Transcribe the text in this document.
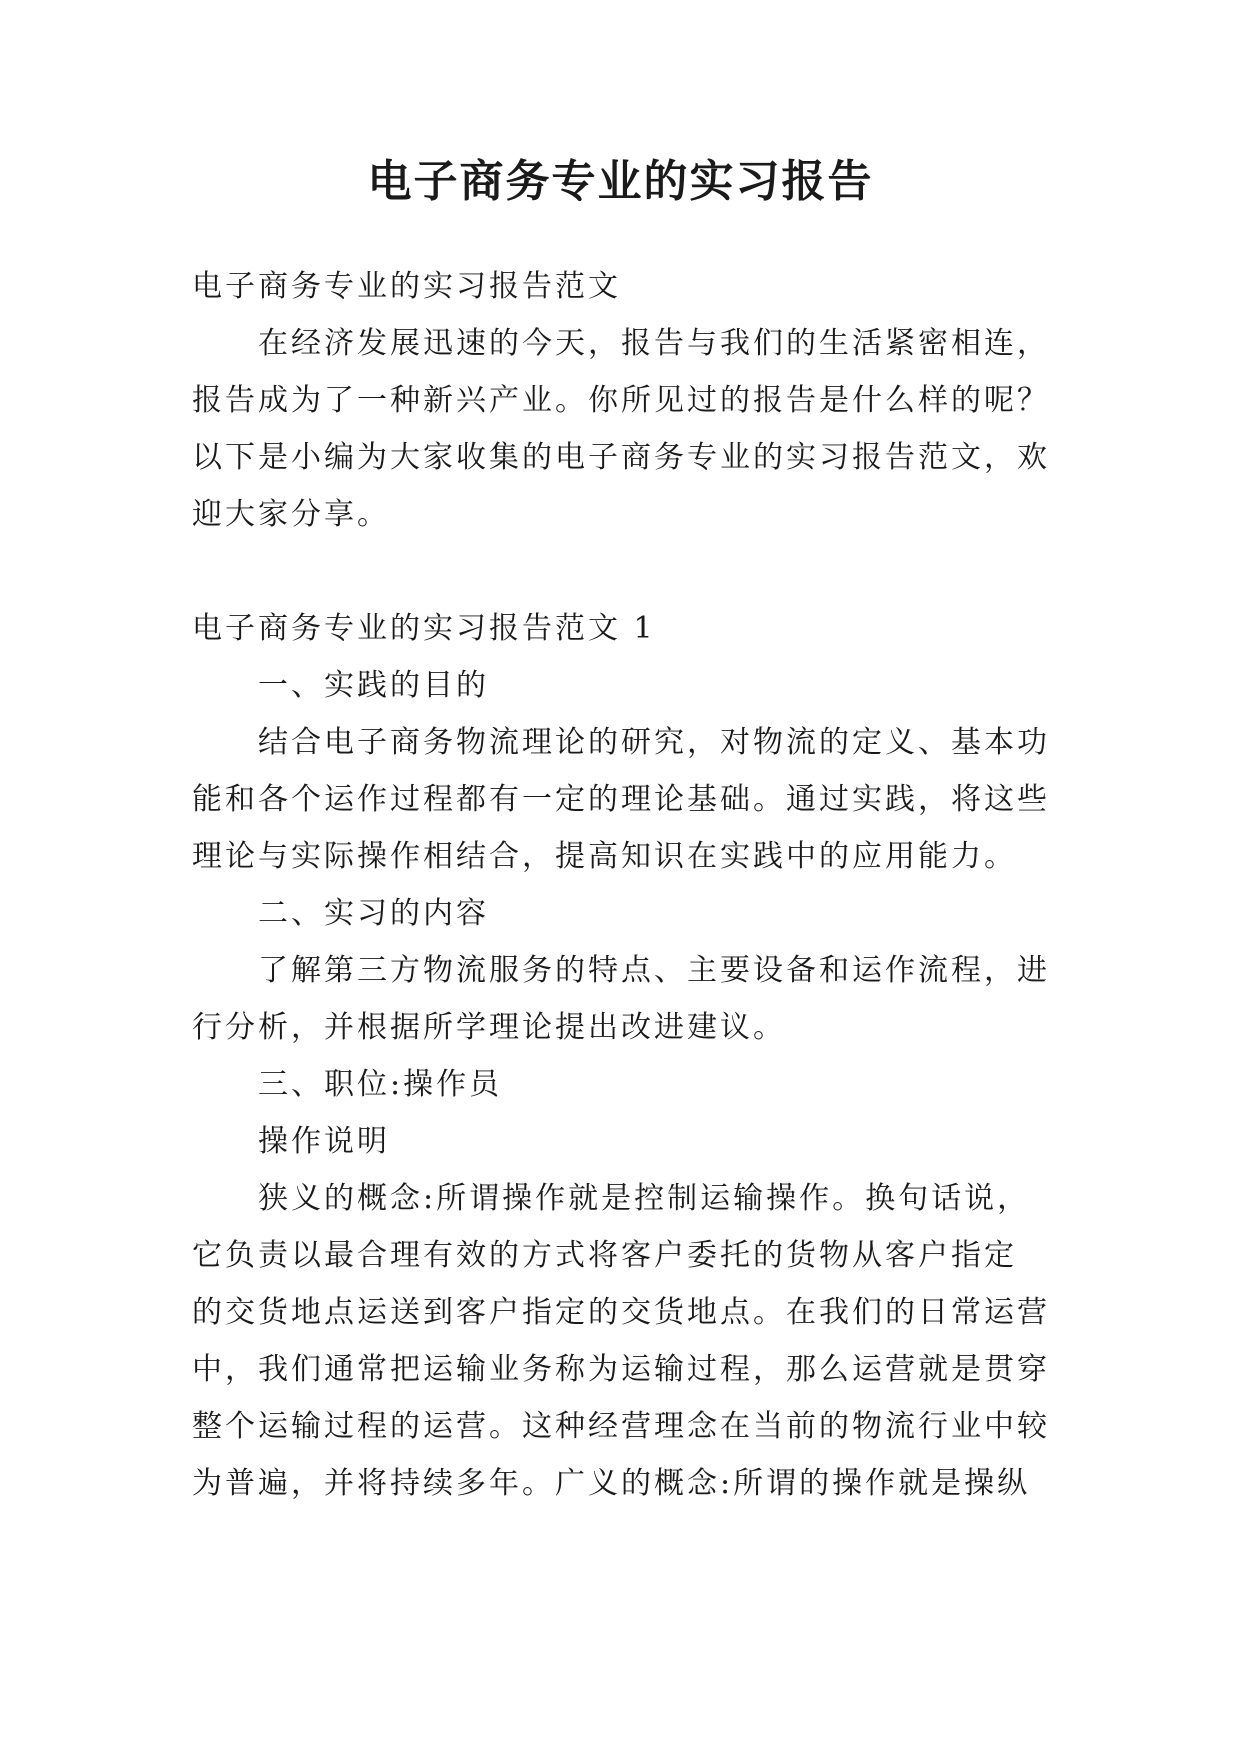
电子商务专业的实习报告

电子商务专业的实习报告范文

在经济发展迅速的今天，报告与我们的生活紧密相连，

报告成为了一种新兴产业。你所见过的报告是什么样的呢？

以下是小编为大家收集的电子商务专业的实习报告范文，欢

迎大家分享。

电子商务专业的实习报告范文 1

一、实践的目的

结合电子商务物流理论的研究，对物流的定义、基本功

能和各个运作过程都有一定的理论基础。通过实践，将这些

理论与实际操作相结合，提高知识在实践中的应用能力。

二、实习的内容

了解第三方物流服务的特点、主要设备和运作流程，进

行分析，并根据所学理论提出改进建议。

三、职位:操作员

操作说明

狭义的概念:所谓操作就是控制运输操作。换句话说，

它负责以最合理有效的方式将客户委托的货物从客户指定

的交货地点运送到客户指定的交货地点。在我们的日常运营

中，我们通常把运输业务称为运输过程，那么运营就是贯穿

整个运输过程的运营。这种经营理念在当前的物流行业中较

为普遍，并将持续多年。广义的概念:所谓的操作就是操纵
